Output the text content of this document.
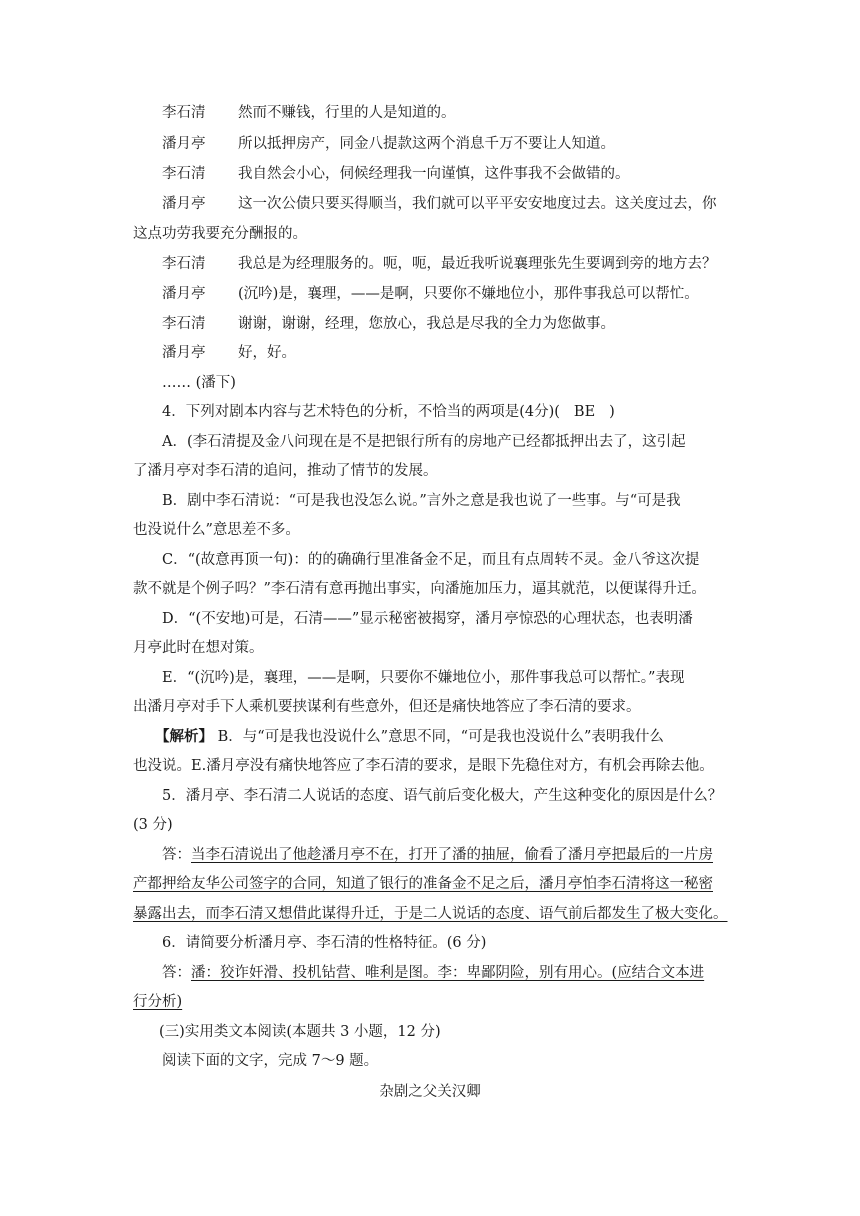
李石清 然而不赚钱，行里的人是知道的。
潘月亭 所以抵押房产，同金八提款这两个消息千万不要让人知道。
李石清 我自然会小心，伺候经理我一向谨慎，这件事我不会做错的。
潘月亭 这一次公债只要买得顺当，我们就可以平平安安地度过去。这关度过去，你
这点功劳我要充分酬报的。
李石清 我总是为经理服务的。呃，呃，最近我听说襄理张先生要调到旁的地方去？
潘月亭 (沉吟)是，襄理，——是啊，只要你不嫌地位小，那件事我总可以帮忙。
李石清 谢谢，谢谢，经理，您放心，我总是尽我的全力为您做事。
潘月亭 好，好。
…… (潘下)
4．下列对剧本内容与艺术特色的分析，不恰当的两项是(4分)( BE )
A．(李石清提及金八问现在是不是把银行所有的房地产已经都抵押出去了，这引起
了潘月亭对李石清的追问，推动了情节的发展。
B．剧中李石清说：“可是我也没怎么说。”言外之意是我也说了一些事。与“可是我
也没说什么”意思差不多。
C．“(故意再顶一句)：的的确确行里准备金不足，而且有点周转不灵。金八爷这次提
款不就是个例子吗？”李石清有意再抛出事实，向潘施加压力，逼其就范，以便谋得升迁。
D．“(不安地)可是，石清——”显示秘密被揭穿，潘月亭惊恐的心理状态，也表明潘
月亭此时在想对策。
E．“(沉吟)是，襄理，——是啊，只要你不嫌地位小，那件事我总可以帮忙。”表现
出潘月亭对手下人乘机要挟谋利有些意外，但还是痛快地答应了李石清的要求。
【解析】 B．与“可是我也没说什么”意思不同，“可是我也没说什么”表明我什么
也没说。E.潘月亭没有痛快地答应了李石清的要求，是眼下先稳住对方，有机会再除去他。
5．潘月亭、李石清二人说话的态度、语气前后变化极大，产生这种变化的原因是什么？
(3 分)
答：当李石清说出了他趁潘月亭不在，打开了潘的抽屉，偷看了潘月亭把最后的一片房
产都押给友华公司签字的合同，知道了银行的准备金不足之后，潘月亭怕李石清将这一秘密
暴露出去，而李石清又想借此谋得升迁，于是二人说话的态度、语气前后都发生了极大变化。
6．请简要分析潘月亭、李石清的性格特征。(6 分)
答：潘：狡诈奸滑、投机钻营、唯利是图。李：卑鄙阴险，别有用心。(应结合文本进
行分析)
(三)实用类文本阅读(本题共 3 小题，12 分)
阅读下面的文字，完成 7～9 题。
杂剧之父关汉卿
